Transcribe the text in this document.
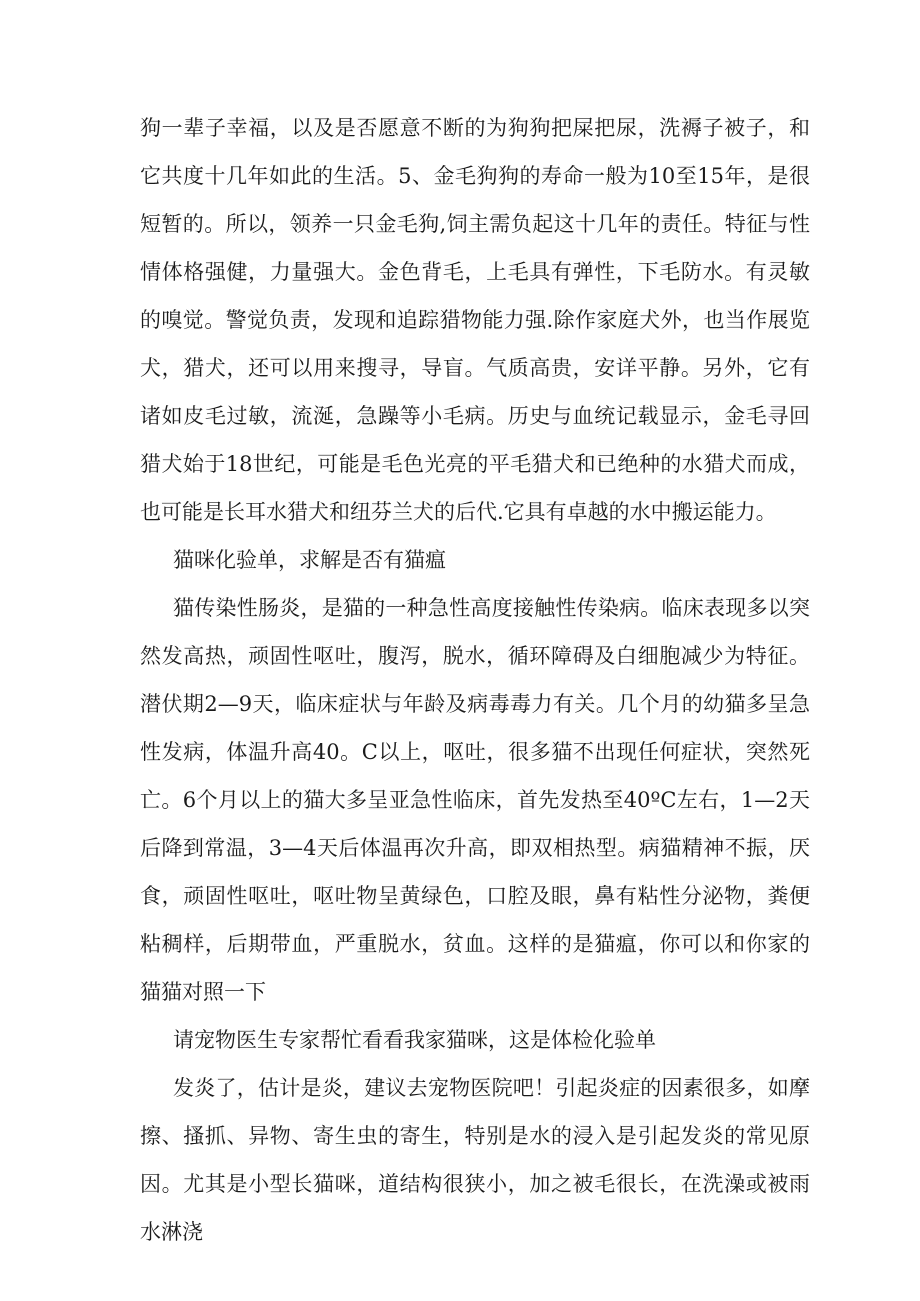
狗一辈子幸福，以及是否愿意不断的为狗狗把屎把尿，洗褥子被子，和它共度十几年如此的生活。5、金毛狗狗的寿命一般为10至15年，是很短暂的。所以，领养一只金毛狗,饲主需负起这十几年的责任。特征与性情体格强健，力量强大。金色背毛，上毛具有弹性，下毛防水。有灵敏的嗅觉。警觉负责，发现和追踪猎物能力强.除作家庭犬外，也当作展览犬，猎犬，还可以用来搜寻，导盲。气质高贵，安详平静。另外，它有诸如皮毛过敏，流涎，急躁等小毛病。历史与血统记载显示，金毛寻回猎犬始于18世纪，可能是毛色光亮的平毛猎犬和已绝种的水猎犬而成，也可能是长耳水猎犬和纽芬兰犬的后代.它具有卓越的水中搬运能力。

猫咪化验单，求解是否有猫瘟

猫传染性肠炎，是猫的一种急性高度接触性传染病。临床表现多以突然发高热，顽固性呕吐，腹泻，脱水，循环障碍及白细胞减少为特征。潜伏期2—9天，临床症状与年龄及病毒毒力有关。几个月的幼猫多呈急性发病，体温升高40。C以上，呕吐，很多猫不出现任何症状，突然死亡。6个月以上的猫大多呈亚急性临床，首先发热至40ºC左右，1—2天后降到常温，3—4天后体温再次升高，即双相热型。病猫精神不振，厌食，顽固性呕吐，呕吐物呈黄绿色，口腔及眼，鼻有粘性分泌物，粪便粘稠样，后期带血，严重脱水，贫血。这样的是猫瘟，你可以和你家的猫猫对照一下

请宠物医生专家帮忙看看我家猫咪，这是体检化验单

发炎了，估计是炎，建议去宠物医院吧！引起炎症的因素很多，如摩擦、搔抓、异物、寄生虫的寄生，特别是水的浸入是引起发炎的常见原因。尤其是小型长猫咪，道结构很狭小，加之被毛很长，在洗澡或被雨水淋浇
